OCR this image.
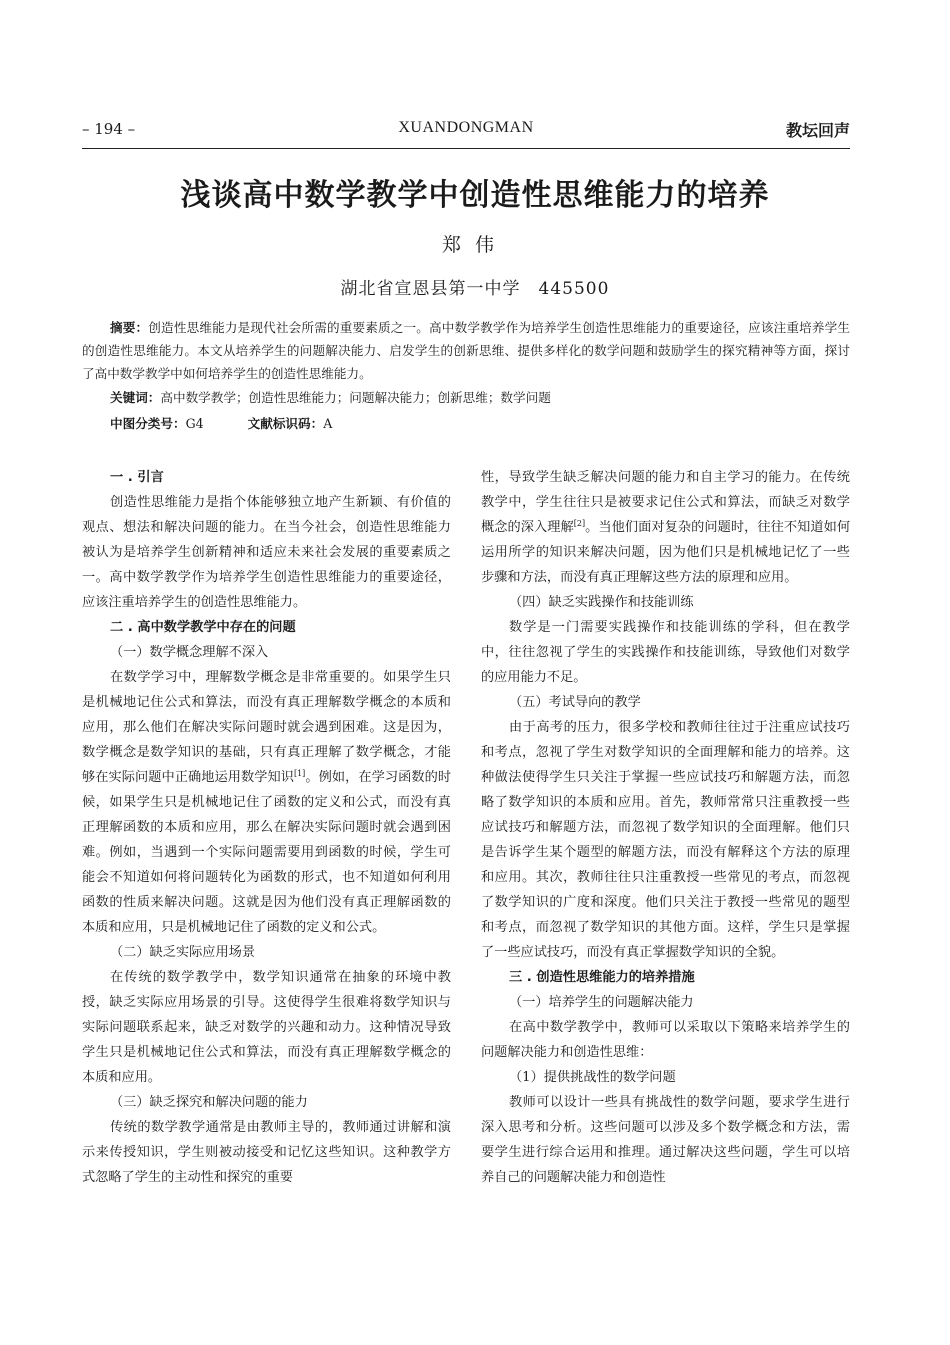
– 194 –	XUANDONGMAN	教坛回声
浅谈高中数学教学中创造性思维能力的培养
郑伟
湖北省宣恩县第一中学　445500

摘要：创造性思维能力是现代社会所需的重要素质之一。高中数学教学作为培养学生创造性思维能力的重要途径，应该注重培养学生的创造性思维能力。本文从培养学生的问题解决能力、启发学生的创新思维、提供多样化的数学问题和鼓励学生的探究精神等方面，探讨了高中数学教学中如何培养学生的创造性思维能力。

关键词：高中数学教学；创造性思维能力；问题解决能力；创新思维；数学问题
中图分类号：G4	文献标识码：A
一 . 引言

创造性思维能力是指个体能够独立地产生新颖、有价值的观点、想法和解决问题的能力。在当今社会，创造性思维能力被认为是培养学生创新精神和适应未来社会发展的重要素质之一。高中数学教学作为培养学生创造性思维能力的重要途径，应该注重培养学生的创造性思维能力。

二 . 高中数学教学中存在的问题
（一）数学概念理解不深入

在数学学习中，理解数学概念是非常重要的。如果学生只是机械地记住公式和算法，而没有真正理解数学概念的本质和应用，那么他们在解决实际问题时就会遇到困难。这是因为，数学概念是数学知识的基础，只有真正理解了数学概念，才能够在实际问题中正确地运用数学知识[1]。例如，在学习函数的时候，如果学生只是机械地记住了函数的定义和公式，而没有真正理解函数的本质和应用，那么在解决实际问题时就会遇到困难。例如，当遇到一个实际问题需要用到函数的时候，学生可能会不知道如何将问题转化为函数的形式，也不知道如何利用函数的性质来解决问题。这就是因为他们没有真正理解函数的本质和应用，只是机械地记住了函数的定义和公式。

（二）缺乏实际应用场景

在传统的数学教学中，数学知识通常在抽象的环境中教授，缺乏实际应用场景的引导。这使得学生很难将数学知识与实际问题联系起来，缺乏对数学的兴趣和动力。这种情况导致学生只是机械地记住公式和算法，而没有真正理解数学概念的本质和应用。

（三）缺乏探究和解决问题的能力

传统的数学教学通常是由教师主导的，教师通过讲解和演示来传授知识，学生则被动接受和记忆这些知识。这种教学方式忽略了学生的主动性和探究的重要

性，导致学生缺乏解决问题的能力和自主学习的能力。在传统教学中，学生往往只是被要求记住公式和算法，而缺乏对数学概念的深入理解[2]。当他们面对复杂的问题时，往往不知道如何运用所学的知识来解决问题，因为他们只是机械地记忆了一些步骤和方法，而没有真正理解这些方法的原理和应用。

（四）缺乏实践操作和技能训练

数学是一门需要实践操作和技能训练的学科，但在教学中，往往忽视了学生的实践操作和技能训练，导致他们对数学的应用能力不足。

（五）考试导向的教学

由于高考的压力，很多学校和教师往往过于注重应试技巧和考点，忽视了学生对数学知识的全面理解和能力的培养。这种做法使得学生只关注于掌握一些应试技巧和解题方法，而忽略了数学知识的本质和应用。首先，教师常常只注重教授一些应试技巧和解题方法，而忽视了数学知识的全面理解。他们只是告诉学生某个题型的解题方法，而没有解释这个方法的原理和应用。其次，教师往往只注重教授一些常见的考点，而忽视了数学知识的广度和深度。他们只关注于教授一些常见的题型和考点，而忽视了数学知识的其他方面。这样，学生只是掌握了一些应试技巧，而没有真正掌握数学知识的全貌。

三 . 创造性思维能力的培养措施
（一）培养学生的问题解决能力

在高中数学教学中，教师可以采取以下策略来培养学生的问题解决能力和创造性思维：

（1）提供挑战性的数学问题

教师可以设计一些具有挑战性的数学问题，要求学生进行深入思考和分析。这些问题可以涉及多个数学概念和方法，需要学生进行综合运用和推理。通过解决这些问题，学生可以培养自己的问题解决能力和创造性
